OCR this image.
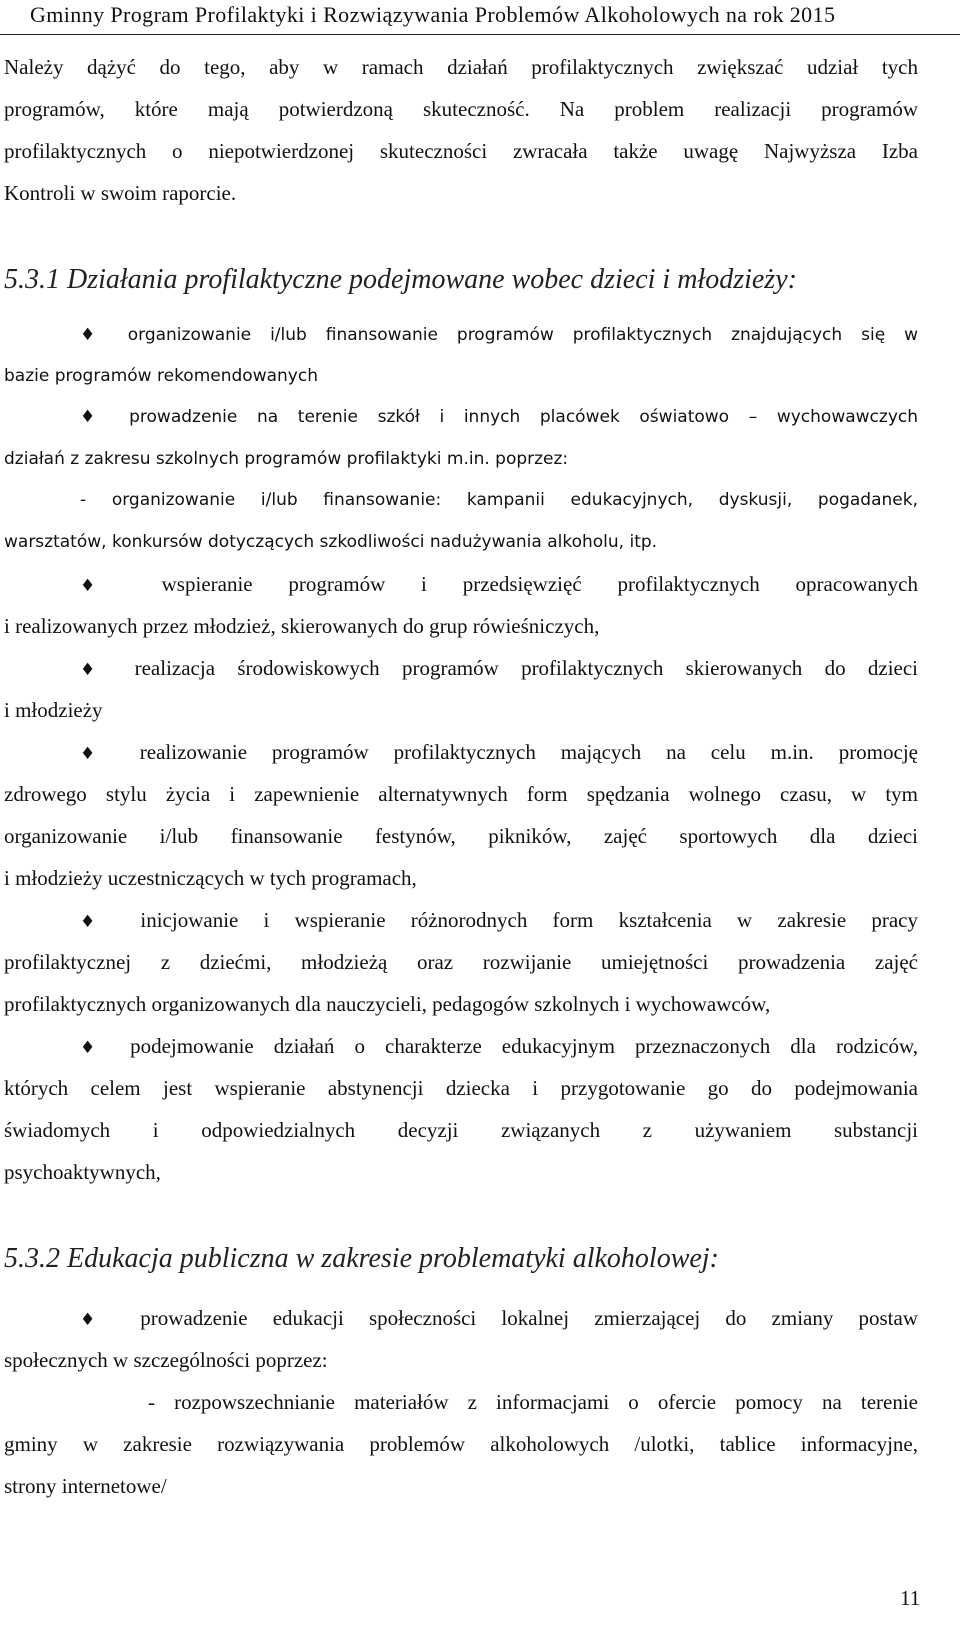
Gminny Program Profilaktyki i Rozwiązywania Problemów Alkoholowych na rok 2015
Należy dążyć do tego, aby w ramach działań profilaktycznych zwiększać udział tych
programów, które mają potwierdzoną skuteczność. Na problem realizacji programów
profilaktycznych o niepotwierdzonej skuteczności zwracała także uwagę Najwyższa Izba
Kontroli w swoim raporcie.
5.3.1 Działania profilaktyczne podejmowane wobec dzieci i młodzieży:
♦ organizowanie i/lub finansowanie programów profilaktycznych znajdujących się w
bazie programów rekomendowanych
♦ prowadzenie na terenie szkół i innych placówek oświatowo – wychowawczych
działań z zakresu szkolnych programów profilaktyki m.in. poprzez:
- organizowanie i/lub finansowanie: kampanii edukacyjnych, dyskusji, pogadanek,
warsztatów, konkursów dotyczących szkodliwości nadużywania alkoholu, itp.
♦ wspieranie programów i przedsięwzięć profilaktycznych opracowanych
i realizowanych przez młodzież, skierowanych do grup rówieśniczych,
♦ realizacja środowiskowych programów profilaktycznych skierowanych do dzieci
i młodzieży
♦ realizowanie programów profilaktycznych mających na celu m.in. promocję
zdrowego stylu życia i zapewnienie alternatywnych form spędzania wolnego czasu, w tym
organizowanie i/lub finansowanie festynów, pikników, zajęć sportowych dla dzieci
i młodzieży uczestniczących w tych programach,
♦ inicjowanie i wspieranie różnorodnych form kształcenia w zakresie pracy
profilaktycznej z dziećmi, młodzieżą oraz rozwijanie umiejętności prowadzenia zajęć
profilaktycznych organizowanych dla nauczycieli, pedagogów szkolnych i wychowawców,
♦ podejmowanie działań o charakterze edukacyjnym przeznaczonych dla rodziców,
których celem jest wspieranie abstynencji dziecka i przygotowanie go do podejmowania
świadomych i odpowiedzialnych decyzji związanych z używaniem substancji
psychoaktywnych,
5.3.2 Edukacja publiczna w zakresie problematyki alkoholowej:
♦ prowadzenie edukacji społeczności lokalnej zmierzającej do zmiany postaw
społecznych w szczególności poprzez:
- rozpowszechnianie materiałów z informacjami o ofercie pomocy na terenie
gminy w zakresie rozwiązywania problemów alkoholowych /ulotki, tablice informacyjne,
strony internetowe/
11
